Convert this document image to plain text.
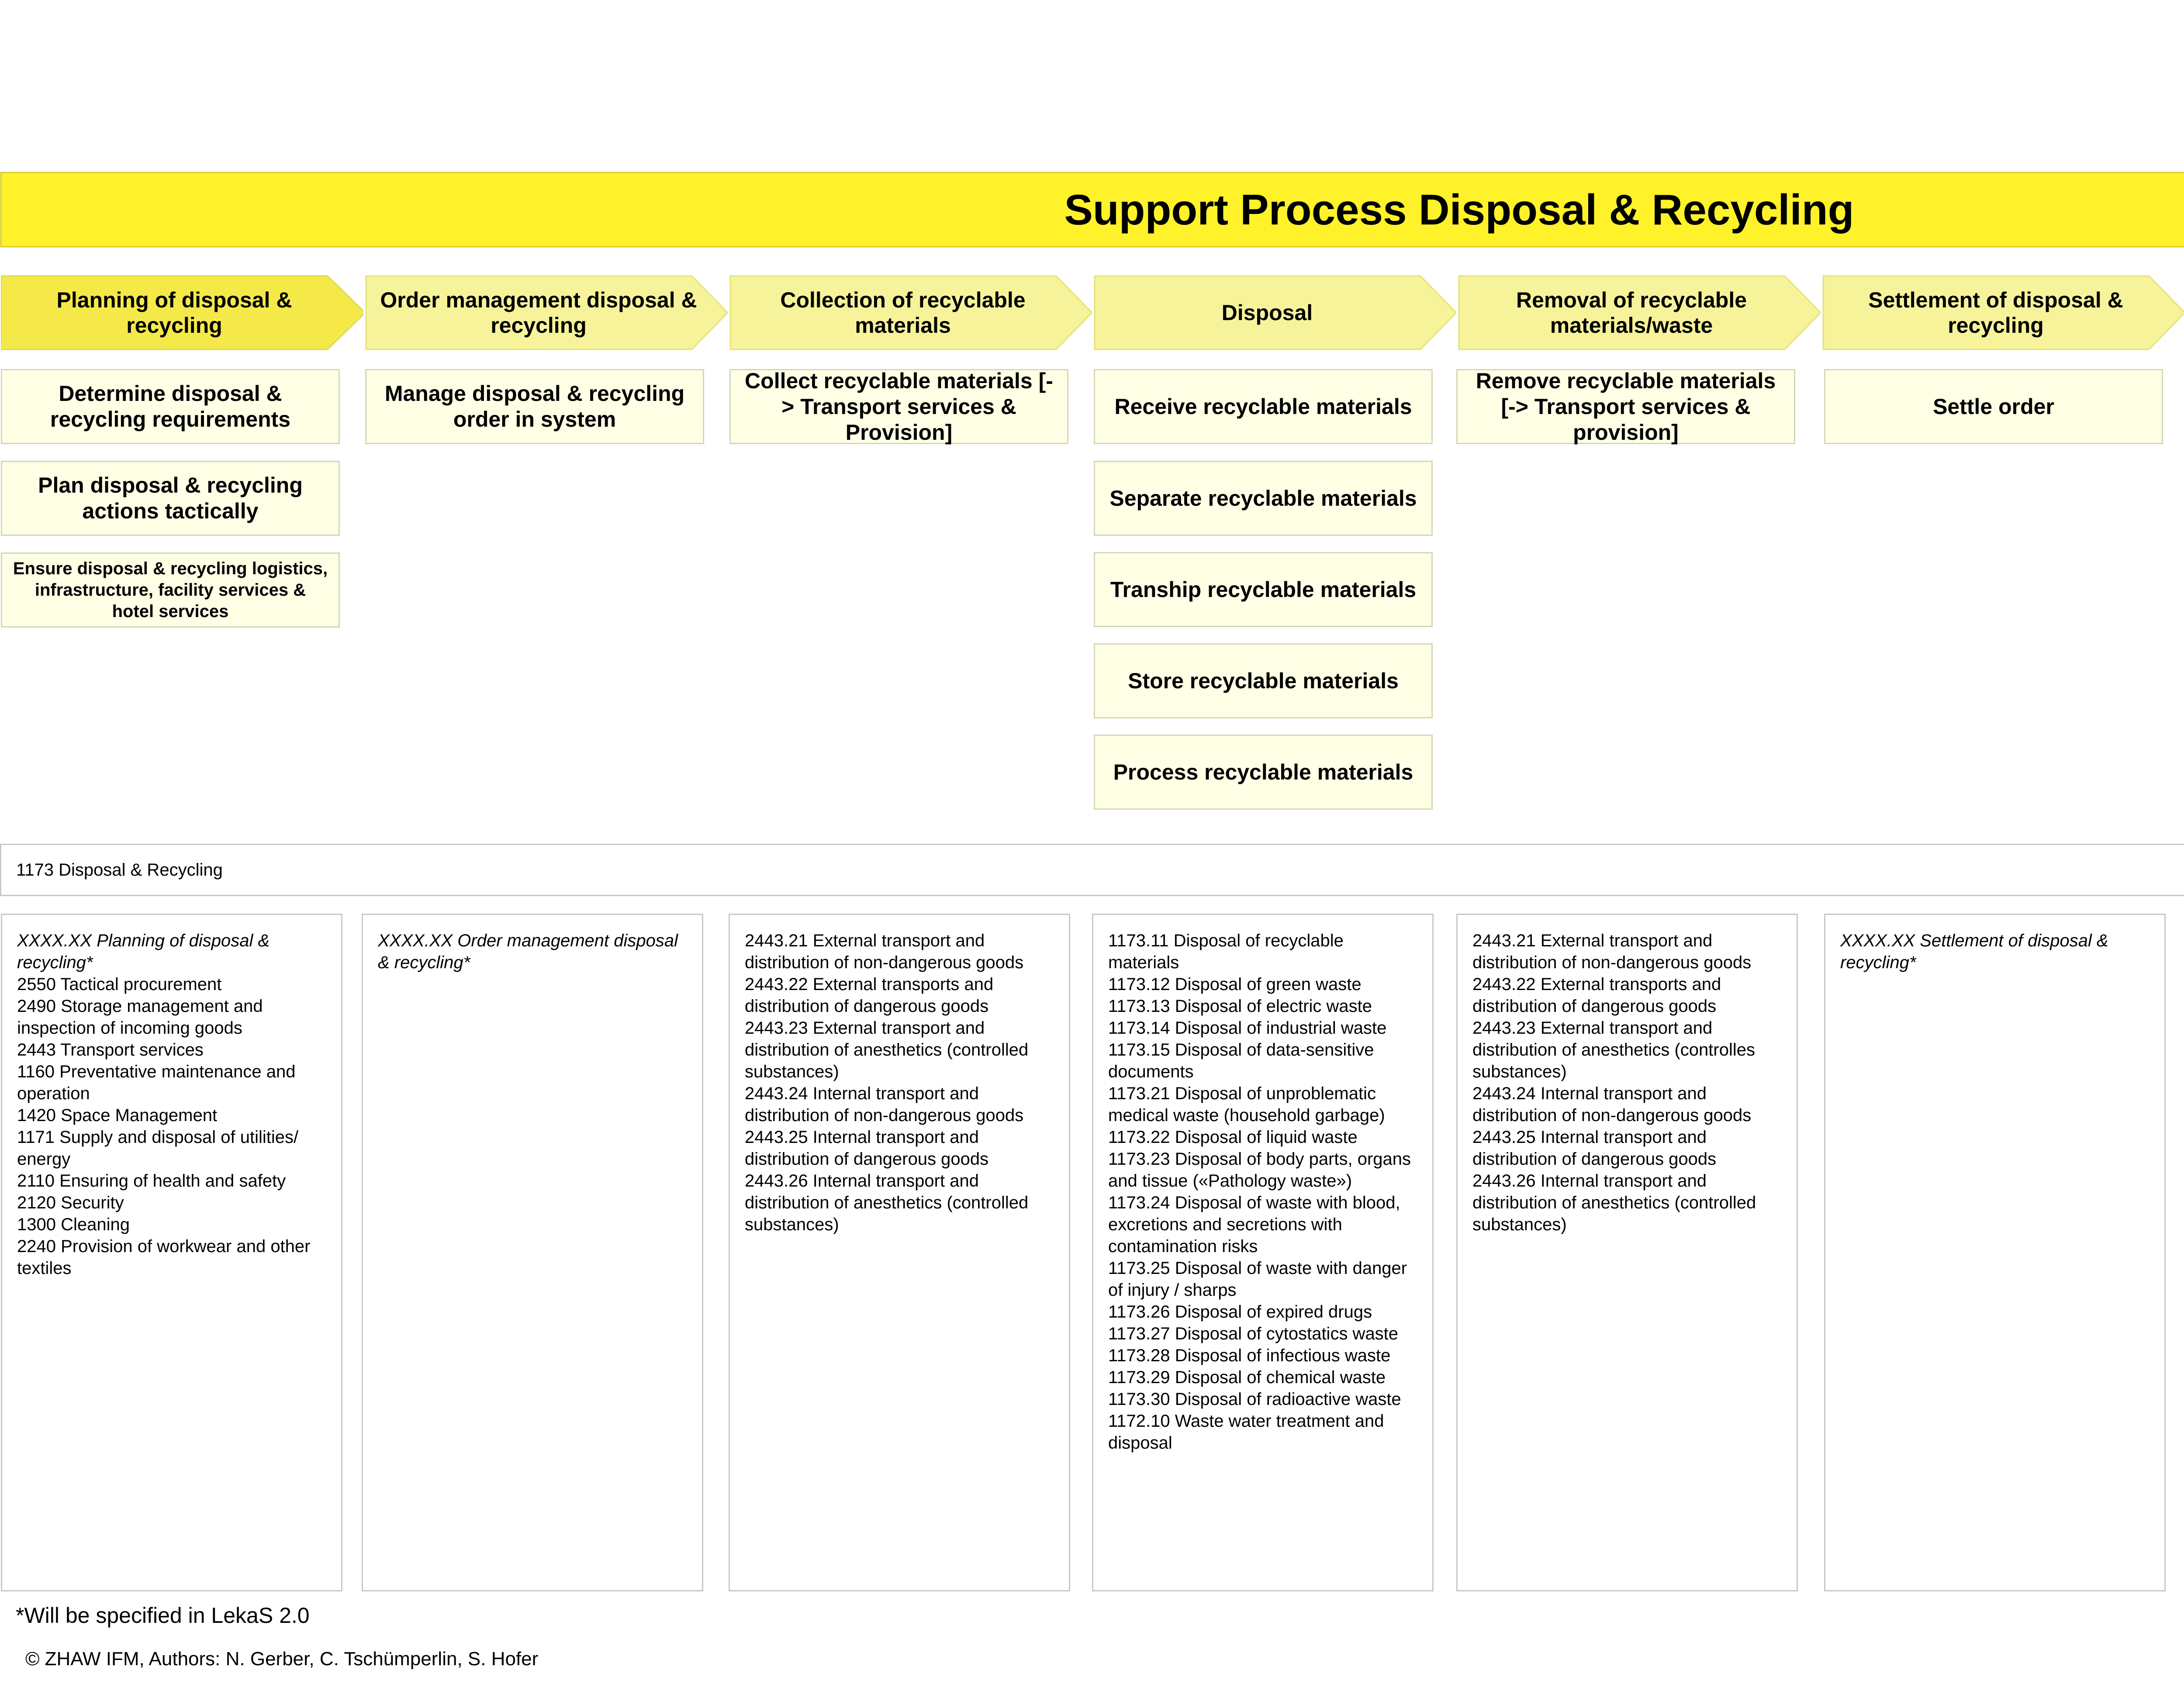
Support Process Disposal & Recycling
Planning of disposal & recycling
Order management disposal & recycling
Collection of recyclable materials
Disposal
Removal of recyclable materials/waste
Settlement of disposal & recycling
Determine disposal & recycling requirements
Plan disposal & recycling actions tactically
Ensure disposal & recycling logistics, infrastructure, facility services & hotel services
Manage disposal & recycling order in system
Collect recyclable materials [-> Transport services & Provision]
Receive recyclable materials
Separate recyclable materials
Tranship recyclable materials
Store recyclable materials
Process recyclable materials
Remove recyclable materials [-> Transport services & provision]
Settle order
1173 Disposal & Recycling
XXXX.XX Planning of disposal & recycling*
2550 Tactical procurement
2490 Storage management and inspection of incoming goods
2443 Transport services
1160 Preventative maintenance and operation
1420 Space Management
1171 Supply and disposal of utilities/ energy
2110 Ensuring of health and safety
2120 Security
1300 Cleaning
2240 Provision of workwear and other textiles
XXXX.XX Order management disposal & recycling*
2443.21 External transport and distribution of non-dangerous goods
2443.22 External transports and distribution of dangerous goods
2443.23 External transport and distribution of anesthetics (controlled substances)
2443.24 Internal transport and distribution of non-dangerous goods
2443.25 Internal transport and distribution of dangerous goods
2443.26 Internal transport and distribution of anesthetics (controlled substances)
1173.11 Disposal of recyclable materials
1173.12 Disposal of green waste
1173.13 Disposal of electric waste
1173.14 Disposal of industrial waste
1173.15 Disposal of data-sensitive documents
1173.21 Disposal of unproblematic medical waste (household garbage)
1173.22 Disposal of liquid waste
1173.23 Disposal of body parts, organs and tissue («Pathology waste»)
1173.24 Disposal of waste with blood, excretions and secretions with contamination risks
1173.25 Disposal of waste with danger of injury / sharps
1173.26 Disposal of expired drugs
1173.27 Disposal of cytostatics waste
1173.28 Disposal of infectious waste
1173.29 Disposal of chemical waste
1173.30 Disposal of radioactive waste
1172.10 Waste water treatment and disposal
2443.21 External transport and distribution of non-dangerous goods
2443.22 External transports and distribution of dangerous goods
2443.23 External transport and distribution of anesthetics (controlles substances)
2443.24 Internal transport and distribution of non-dangerous goods
2443.25 Internal transport and distribution of dangerous goods
2443.26 Internal transport and distribution of anesthetics (controlled substances)
XXXX.XX Settlement of disposal & recycling*
*Will be specified in LekaS 2.0
© ZHAW IFM, Authors: N. Gerber, C. Tschümperlin, S. Hofer
